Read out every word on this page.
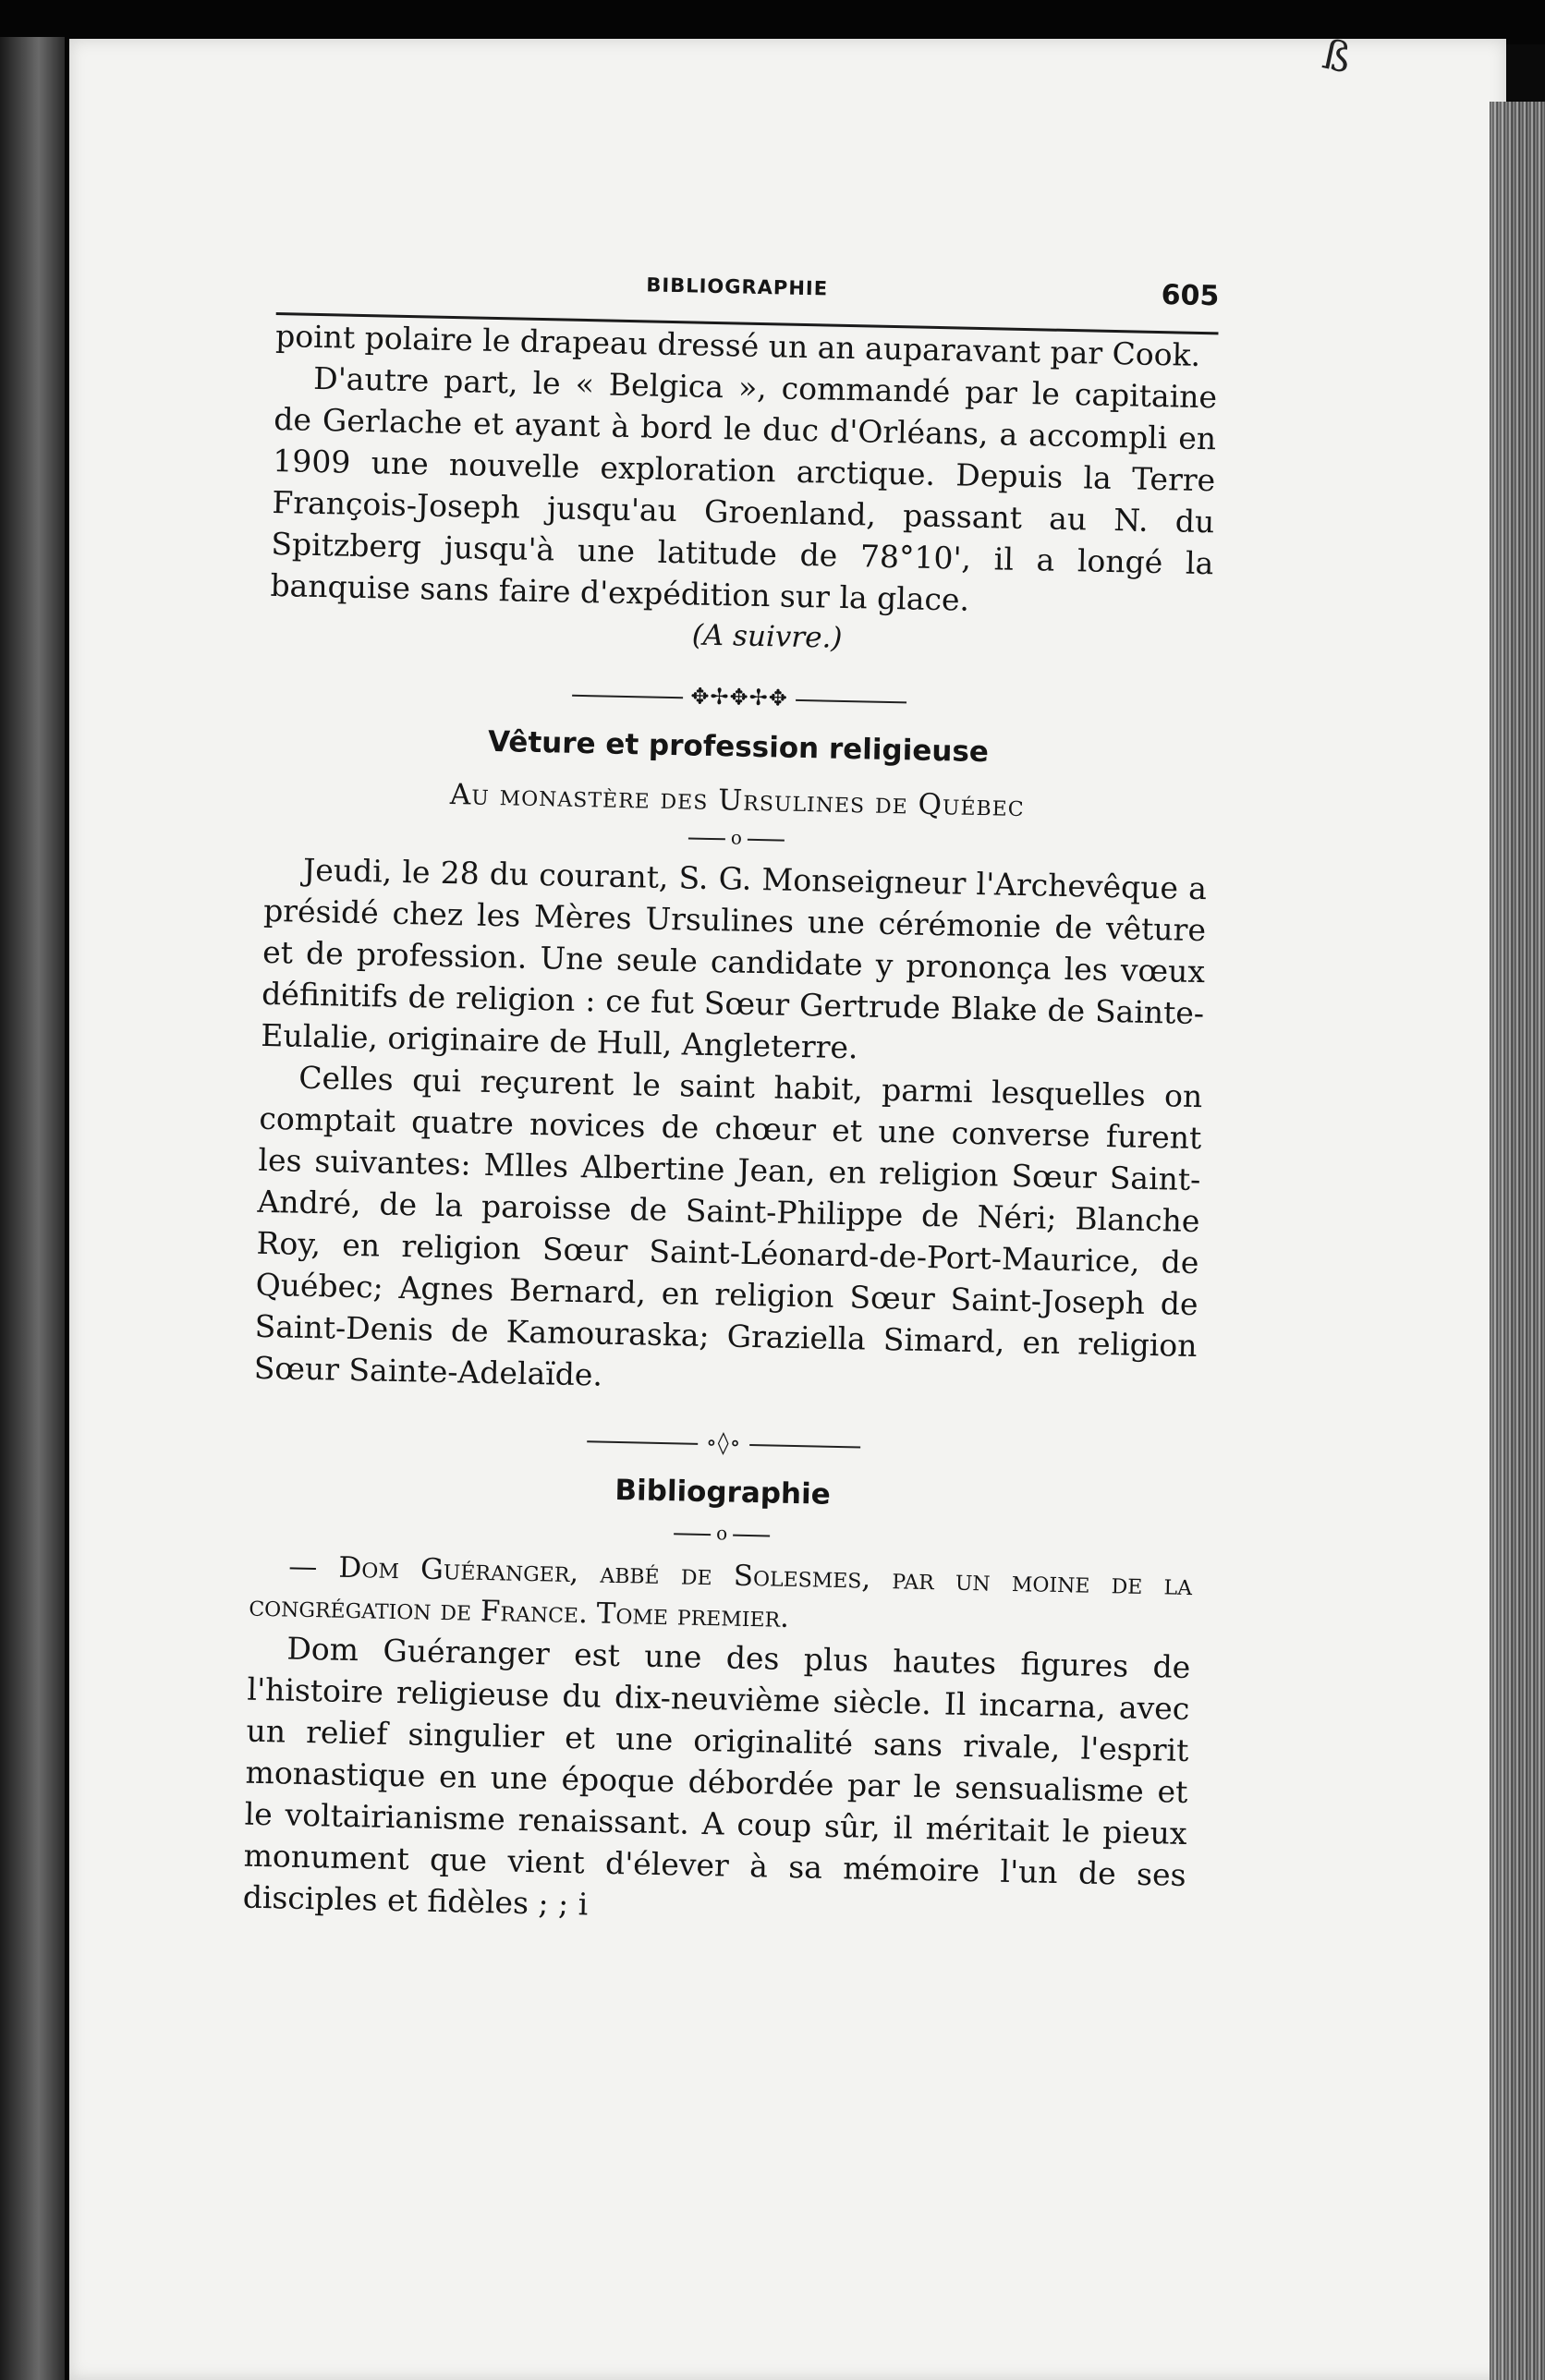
ß
BIBLIOGRAPHIE	605

point polaire le drapeau dressé un an auparavant par Cook.

D'autre part, le « Belgica », commandé par le capitaine de Gerlache et ayant à bord le duc d'Orléans, a accompli en 1909 une nouvelle exploration arctique. Depuis la Terre François-Joseph jusqu'au Groenland, passant au N. du Spitzberg jusqu'à une latitude de 78°10', il a longé la banquise sans faire d'expédition sur la glace.

(A suivre.)
✥✢✥✢✥
Vêture et profession religieuse
Au monastère des Ursulines de Québec
o

Jeudi, le 28 du courant, S. G. Monseigneur l'Archevêque a présidé chez les Mères Ursulines une cérémonie de vêture et de profession. Une seule candidate y prononça les vœux définitifs de religion : ce fut Sœur Gertrude Blake de Sainte-Eulalie, originaire de Hull, Angleterre.

Celles qui reçurent le saint habit, parmi lesquelles on comptait quatre novices de chœur et une converse furent les suivantes: Mlles Albertine Jean, en religion Sœur Saint-André, de la paroisse de Saint-Philippe de Néri; Blanche Roy, en religion Sœur Saint-Léonard-de-Port-Maurice, de Québec; Agnes Bernard, en religion Sœur Saint-Joseph de Saint-Denis de Kamouraska; Graziella Simard, en religion Sœur Sainte-Adelaïde.

∘◊∘
Bibliographie
o
— Dom Guéranger, abbé de Solesmes, par un moine de la congrégation de France. Tome premier.

Dom Guéranger est une des plus hautes figures de l'histoire religieuse du dix-neuvième siècle. Il incarna, avec un relief singulier et une originalité sans rivale, l'esprit monastique en une époque débordée par le sensualisme et le voltairianisme renaissant. A coup sûr, il méritait le pieux monument que vient d'élever à sa mémoire l'un de ses disciples et fidèles ; ; i
